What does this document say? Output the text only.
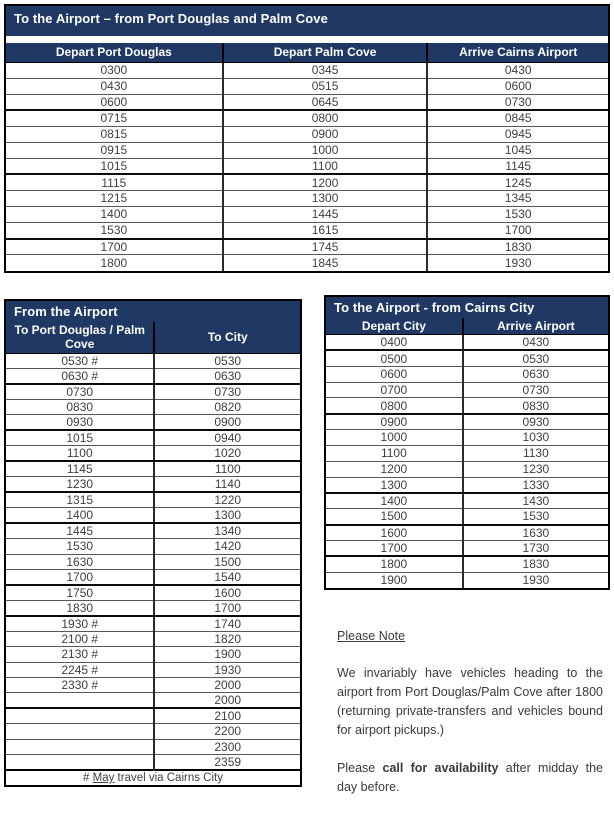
To the Airport – from Port Douglas and Palm Cove
Depart Port Douglas	Depart Palm Cove	Arrive Cairns Airport
0300	0345	0430
0430	0515	0600
0600	0645	0730
0715	0800	0845
0815	0900	0945
0915	1000	1045
1015	1100	1145
1115	1200	1245
1215	1300	1345
1400	1445	1530
1530	1615	1700
1700	1745	1830
1800	1845	1930
From the Airport
To Port Douglas / Palm Cove	To City
0530 #	0530
0630 #	0630
0730	0730
0830	0820
0930	0900
1015	0940
1100	1020
1145	1100
1230	1140
1315	1220
1400	1300
1445	1340
1530	1420
1630	1500
1700	1540
1750	1600
1830	1700
1930 #	1740
2100 #	1820
2130 #	1900
2245 #	1930
2330 #	2000
	2000
	2100
	2200
	2300
	2359
# May travel via Cairns City	
To the Airport - from Cairns City
Depart City	Arrive Airport
0400	0430
0500	0530
0600	0630
0700	0730
0800	0830
0900	0930
1000	1030
1100	1130
1200	1230
1300	1330
1400	1430
1500	1530
1600	1630
1700	1730
1800	1830
1900	1930
Please Note

We invariably have vehicles heading to the airport from Port Douglas/Palm Cove after 1800 (returning private-transfers and vehicles bound for airport pickups.)

Please call for availability after midday the day before.
